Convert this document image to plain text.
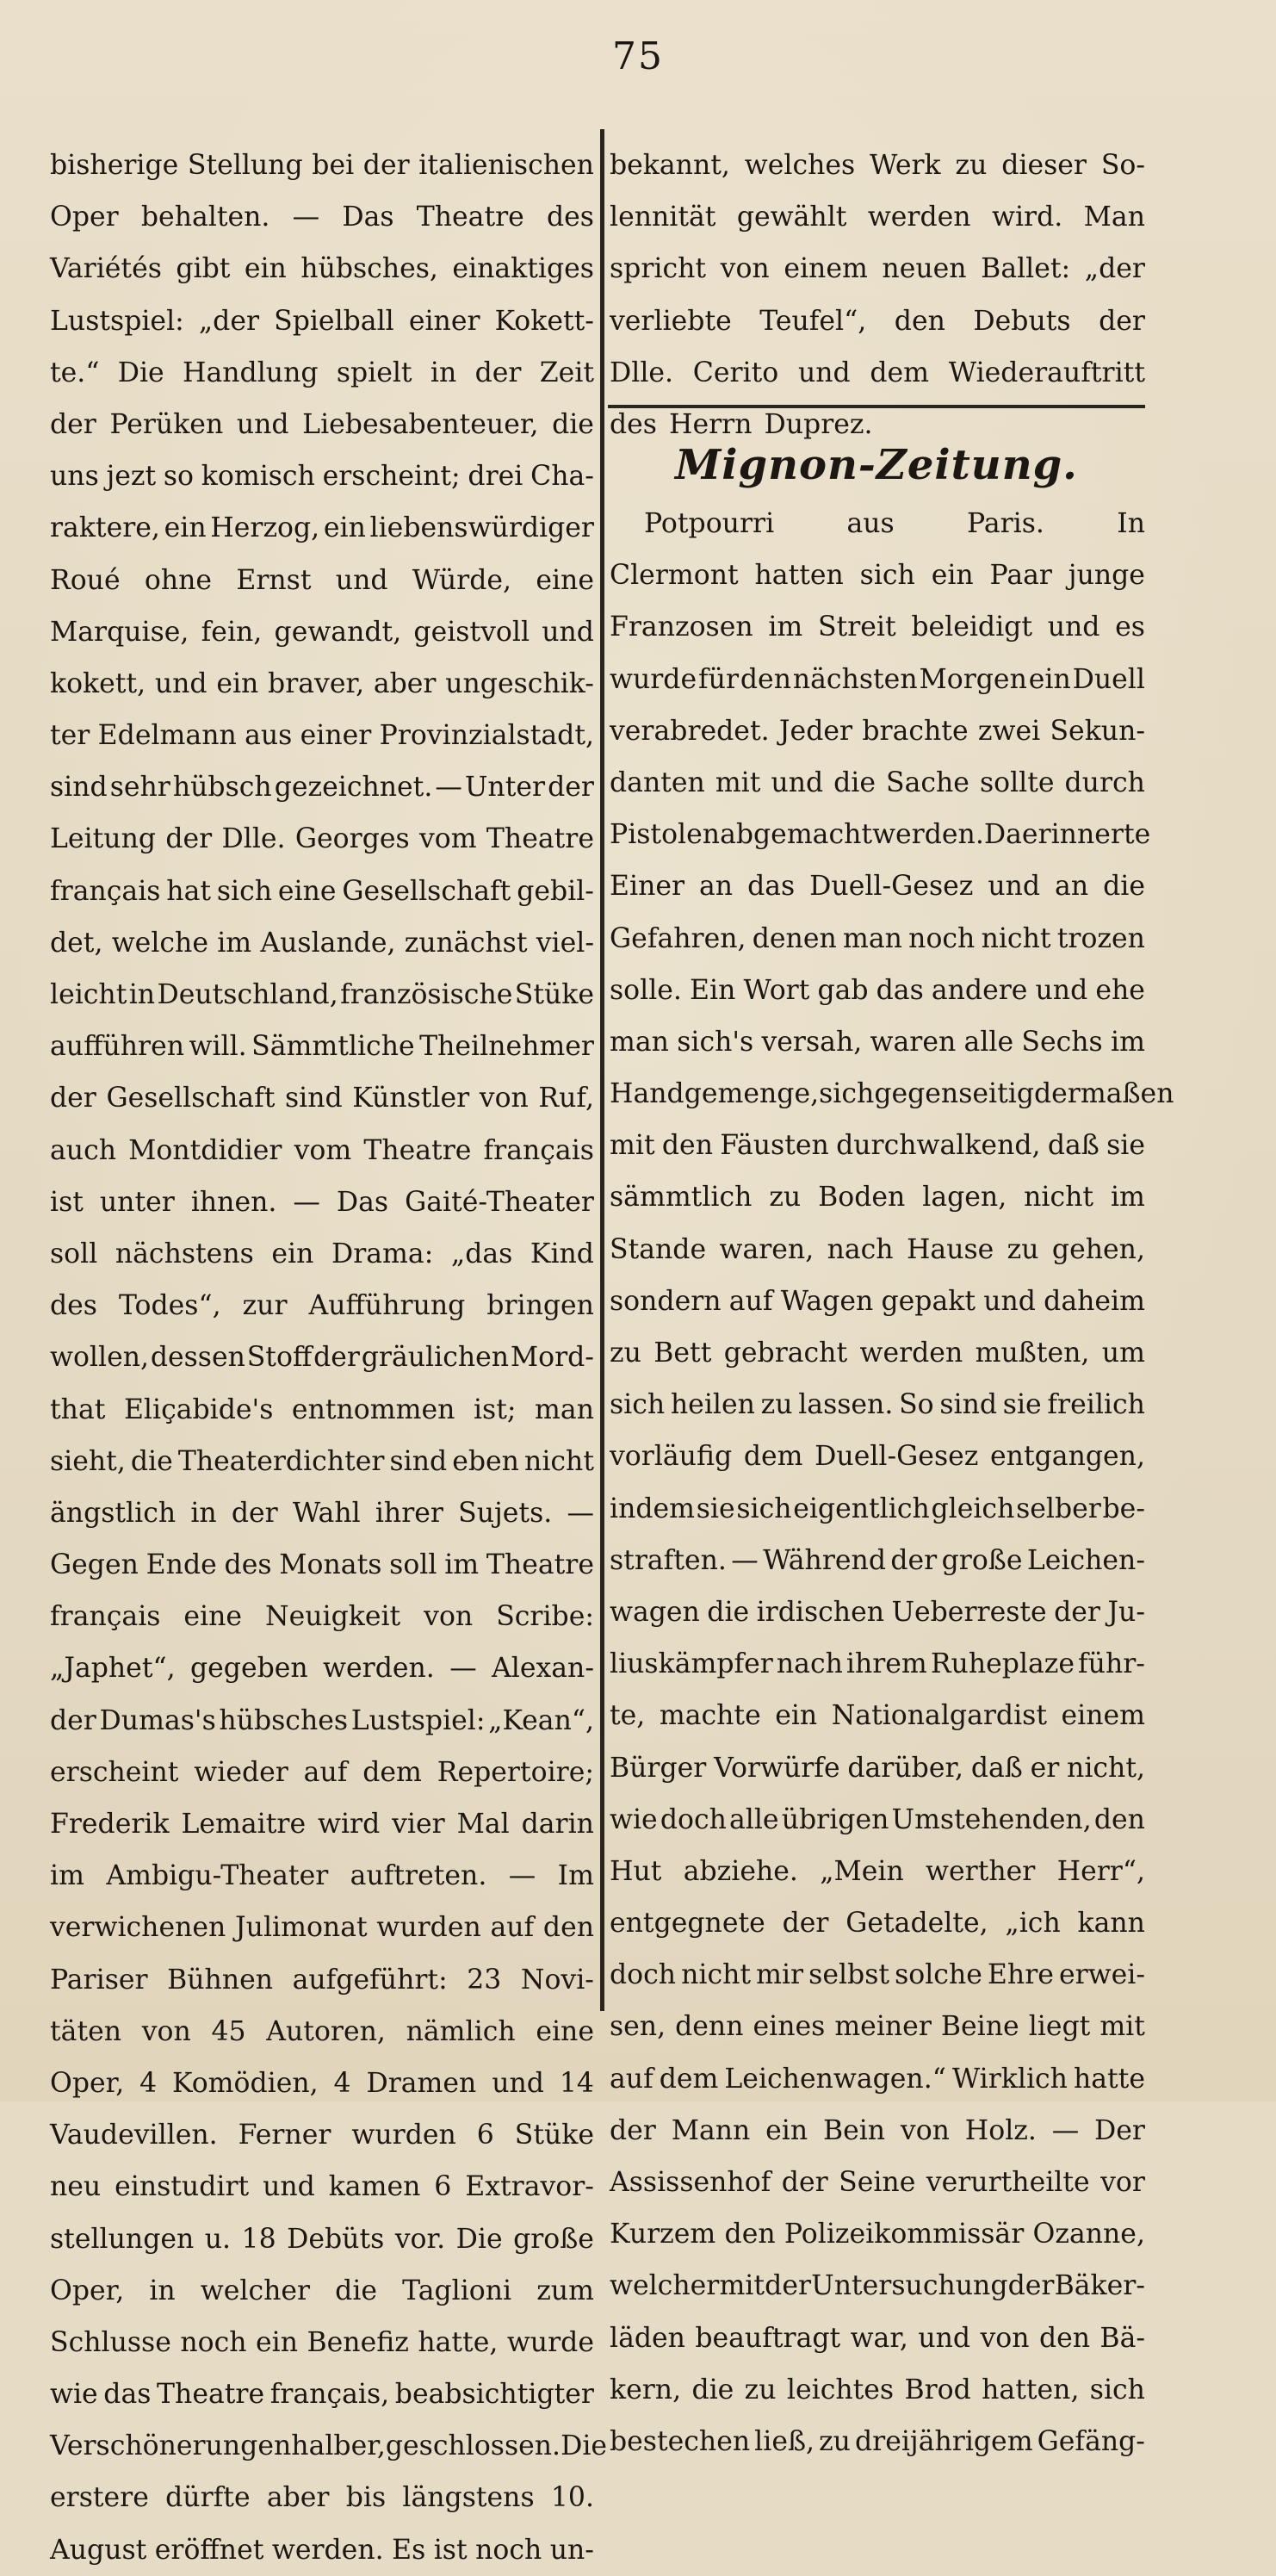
75
bisherige Stellung bei der italienischen
Oper behalten. — Das Theatre des
Variétés gibt ein hübsches, einaktiges
Lustspiel: „der Spielball einer Kokett-
te.“ Die Handlung spielt in der Zeit
der Perüken und Liebesabenteuer, die
uns jezt so komisch erscheint; drei Cha-
raktere, ein Herzog, ein liebenswürdiger
Roué ohne Ernst und Würde, eine
Marquise, fein, gewandt, geistvoll und
kokett, und ein braver, aber ungeschik-
ter Edelmann aus einer Provinzialstadt,
sind sehr hübsch gezeichnet. — Unter der
Leitung der Dlle. Georges vom Theatre
français hat sich eine Gesellschaft gebil-
det, welche im Auslande, zunächst viel-
leicht in Deutschland, französische Stüke
aufführen will. Sämmtliche Theilnehmer
der Gesellschaft sind Künstler von Ruf,
auch Montdidier vom Theatre français
ist unter ihnen. — Das Gaité-Theater
soll nächstens ein Drama: „das Kind
des Todes“, zur Aufführung bringen
wollen, dessen Stoff der gräulichen Mord-
that Eliçabide's entnommen ist; man
sieht, die Theaterdichter sind eben nicht
ängstlich in der Wahl ihrer Sujets. —
Gegen Ende des Monats soll im Theatre
français eine Neuigkeit von Scribe:
„Japhet“, gegeben werden. — Alexan-
der Dumas's hübsches Lustspiel: „Kean“,
erscheint wieder auf dem Repertoire;
Frederik Lemaitre wird vier Mal darin
im Ambigu-Theater auftreten. — Im
verwichenen Julimonat wurden auf den
Pariser Bühnen aufgeführt: 23 Novi-
täten von 45 Autoren, nämlich eine
Oper, 4 Komödien, 4 Dramen und 14
Vaudevillen. Ferner wurden 6 Stüke
neu einstudirt und kamen 6 Extravor-
stellungen u. 18 Debüts vor. Die große
Oper, in welcher die Taglioni zum
Schlusse noch ein Benefiz hatte, wurde
wie das Theatre français, beabsichtigter
Verschönerungen halber, geschlossen. Die
erstere dürfte aber bis längstens 10.
August eröffnet werden. Es ist noch un-
bekannt, welches Werk zu dieser So-
lennität gewählt werden wird. Man
spricht von einem neuen Ballet: „der
verliebte Teufel“, den Debuts der
Dlle. Cerito und dem Wiederauftritt
des Herrn Duprez.
Mignon-Zeitung.
Potpourri	aus	Paris.	In
Clermont hatten sich ein Paar junge
Franzosen im Streit beleidigt und es
wurde für den nächsten Morgen ein Duell
verabredet. Jeder brachte zwei Sekun-
danten mit und die Sache sollte durch
Pistolen abgemacht werden. Da erinnerte
Einer an das Duell-Gesez und an die
Gefahren, denen man noch nicht trozen
solle. Ein Wort gab das andere und ehe
man sich's versah, waren alle Sechs im
Handgemenge, sich gegenseitig dermaßen
mit den Fäusten durchwalkend, daß sie
sämmtlich zu Boden lagen, nicht im
Stande waren, nach Hause zu gehen,
sondern auf Wagen gepakt und daheim
zu Bett gebracht werden mußten, um
sich heilen zu lassen. So sind sie freilich
vorläufig dem Duell-Gesez entgangen,
indem sie sich eigentlich gleich selber be-
straften. — Während der große Leichen-
wagen die irdischen Ueberreste der Ju-
liuskämpfer nach ihrem Ruheplaze führ-
te, machte ein Nationalgardist einem
Bürger Vorwürfe darüber, daß er nicht,
wie doch alle übrigen Umstehenden, den
Hut abziehe. „Mein werther Herr“,
entgegnete der Getadelte, „ich kann
doch nicht mir selbst solche Ehre erwei-
sen, denn eines meiner Beine liegt mit
auf dem Leichenwagen.“ Wirklich hatte
der Mann ein Bein von Holz. — Der
Assissenhof der Seine verurtheilte vor
Kurzem den Polizeikommissär Ozanne,
welcher mit der Untersuchung der Bäker-
läden beauftragt war, und von den Bä-
kern, die zu leichtes Brod hatten, sich
bestechen ließ, zu dreijährigem Gefäng-
